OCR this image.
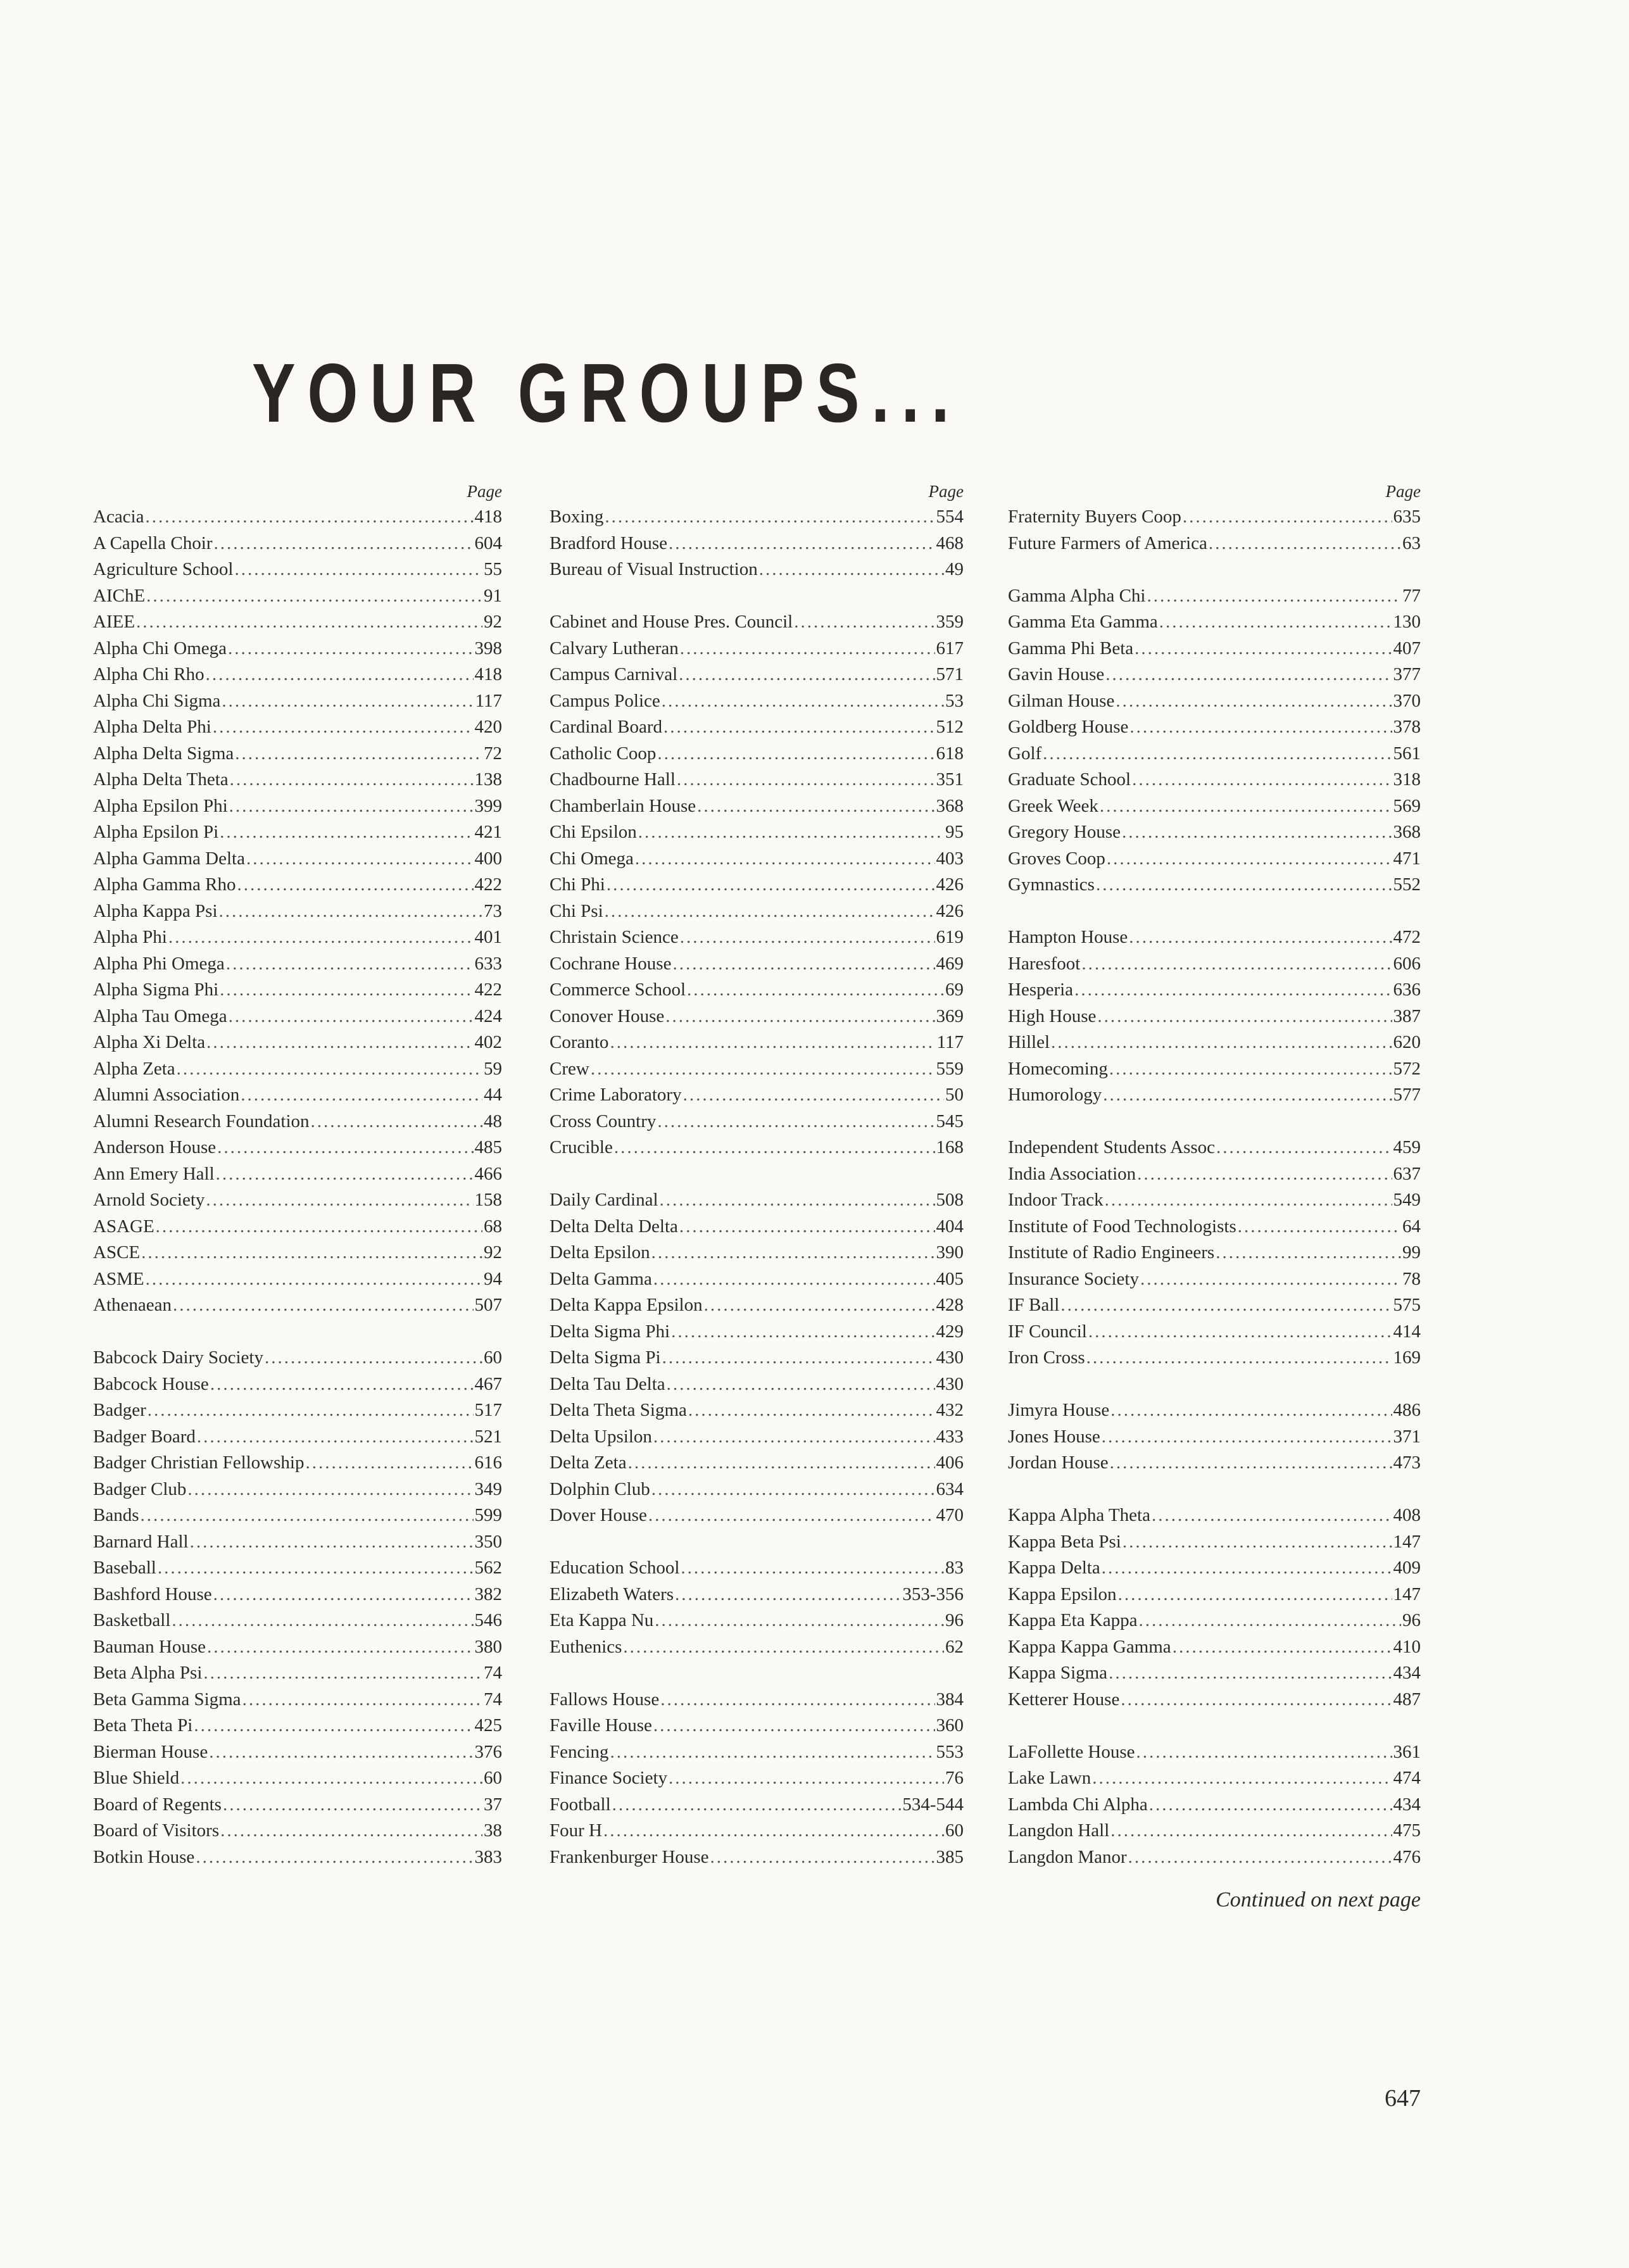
YOUR GROUPS...
Page
Acacia .....	418
A Capella Choir .....	604
Agriculture School .....	55
AIChE .....	91
AIEE .....	92
Alpha Chi Omega .....	398
Alpha Chi Rho .....	418
Alpha Chi Sigma .....	117
Alpha Delta Phi .....	420
Alpha Delta Sigma .....	72
Alpha Delta Theta .....	138
Alpha Epsilon Phi .....	399
Alpha Epsilon Pi .....	421
Alpha Gamma Delta .....	400
Alpha Gamma Rho .....	422
Alpha Kappa Psi .....	73
Alpha Phi .....	401
Alpha Phi Omega .....	633
Alpha Sigma Phi .....	422
Alpha Tau Omega .....	424
Alpha Xi Delta .....	402
Alpha Zeta .....	59
Alumni Association .....	44
Alumni Research Foundation .....	48
Anderson House .....	485
Ann Emery Hall .....	466
Arnold Society .....	158
ASAGE .....	68
ASCE .....	92
ASME .....	94
Athenaean .....	507
Babcock Dairy Society .....	60
Babcock House .....	467
Badger .....	517
Badger Board .....	521
Badger Christian Fellowship .....	616
Badger Club .....	349
Bands .....	599
Barnard Hall .....	350
Baseball .....	562
Bashford House .....	382
Basketball .....	546
Bauman House .....	380
Beta Alpha Psi .....	74
Beta Gamma Sigma .....	74
Beta Theta Pi .....	425
Bierman House .....	376
Blue Shield .....	60
Board of Regents .....	37
Board of Visitors .....	38
Botkin House .....	383
Page
Boxing .....	554
Bradford House .....	468
Bureau of Visual Instruction .....	49
Cabinet and House Pres. Council .....	359
Calvary Lutheran .....	617
Campus Carnival .....	571
Campus Police .....	53
Cardinal Board .....	512
Catholic Coop .....	618
Chadbourne Hall .....	351
Chamberlain House .....	368
Chi Epsilon .....	95
Chi Omega .....	403
Chi Phi .....	426
Chi Psi .....	426
Christain Science .....	619
Cochrane House .....	469
Commerce School .....	69
Conover House .....	369
Coranto .....	117
Crew .....	559
Crime Laboratory .....	50
Cross Country .....	545
Crucible .....	168
Daily Cardinal .....	508
Delta Delta Delta .....	404
Delta Epsilon .....	390
Delta Gamma .....	405
Delta Kappa Epsilon .....	428
Delta Sigma Phi .....	429
Delta Sigma Pi .....	430
Delta Tau Delta .....	430
Delta Theta Sigma .....	432
Delta Upsilon .....	433
Delta Zeta .....	406
Dolphin Club .....	634
Dover House .....	470
Education School .....	83
Elizabeth Waters .....	353-356
Eta Kappa Nu .....	96
Euthenics .....	62
Fallows House .....	384
Faville House .....	360
Fencing .....	553
Finance Society .....	76
Football .....	534-544
Four H .....	60
Frankenburger House .....	385
Page
Fraternity Buyers Coop .....	635
Future Farmers of America .....	63
Gamma Alpha Chi .....	77
Gamma Eta Gamma .....	130
Gamma Phi Beta .....	407
Gavin House .....	377
Gilman House .....	370
Goldberg House .....	378
Golf .....	561
Graduate School .....	318
Greek Week .....	569
Gregory House .....	368
Groves Coop .....	471
Gymnastics .....	552
Hampton House .....	472
Haresfoot .....	606
Hesperia .....	636
High House .....	387
Hillel .....	620
Homecoming .....	572
Humorology .....	577
Independent Students Assoc .....	459
India Association .....	637
Indoor Track .....	549
Institute of Food Technologists .....	64
Institute of Radio Engineers .....	99
Insurance Society .....	78
IF Ball .....	575
IF Council .....	414
Iron Cross .....	169
Jimyra House .....	486
Jones House .....	371
Jordan House .....	473
Kappa Alpha Theta .....	408
Kappa Beta Psi .....	147
Kappa Delta .....	409
Kappa Epsilon .....	147
Kappa Eta Kappa .....	96
Kappa Kappa Gamma .....	410
Kappa Sigma .....	434
Ketterer House .....	487
LaFollette House .....	361
Lake Lawn .....	474
Lambda Chi Alpha .....	434
Langdon Hall .....	475
Langdon Manor .....	476
Continued on next page
647
